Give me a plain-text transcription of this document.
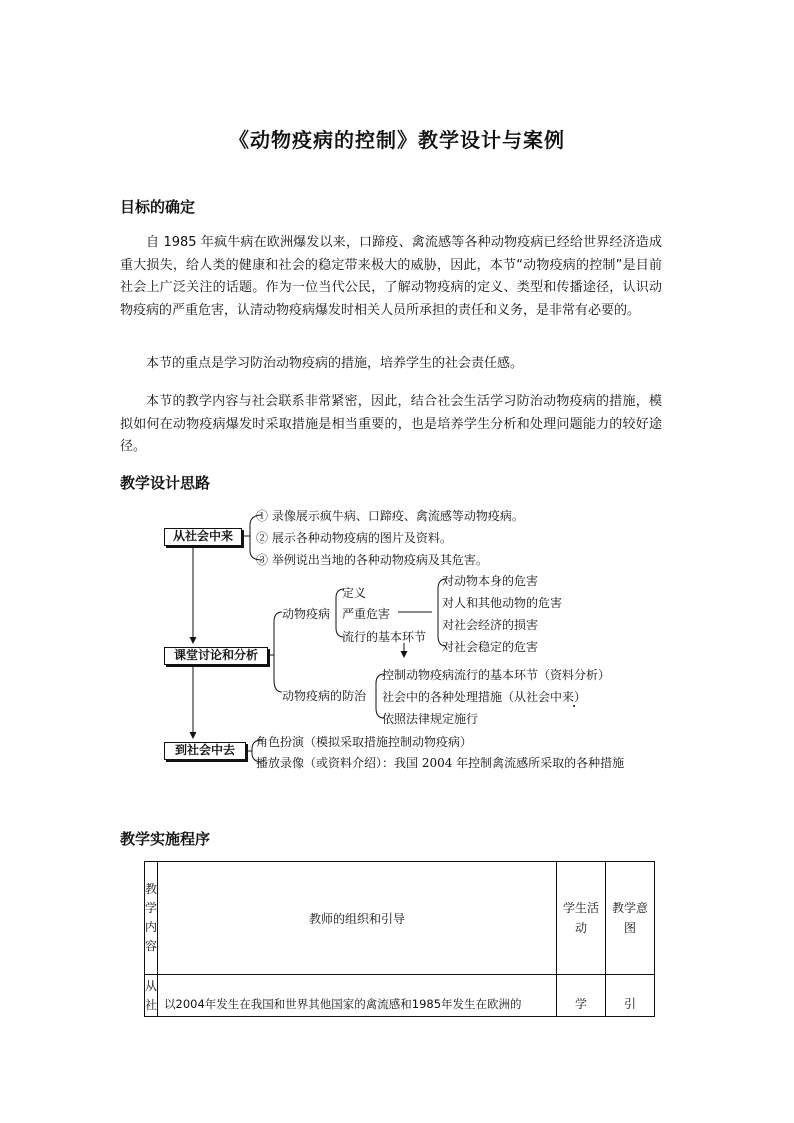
《动物疫病的控制》教学设计与案例
目标的确定
自 1985 年疯牛病在欧洲爆发以来，口蹄疫、禽流感等各种动物疫病已经给世界经济造成重大损失，给人类的健康和社会的稳定带来极大的威胁，因此，本节“动物疫病的控制”是目前社会上广泛关注的话题。作为一位当代公民，了解动物疫病的定义、类型和传播途径，认识动物疫病的严重危害，认清动物疫病爆发时相关人员所承担的责任和义务，是非常有必要的。
本节的重点是学习防治动物疫病的措施，培养学生的社会责任感。
本节的教学内容与社会联系非常紧密，因此，结合社会生活学习防治动物疫病的措施，模拟如何在动物疫病爆发时采取措施是相当重要的，也是培养学生分析和处理问题能力的较好途径。
教学设计思路
从社会中来
课堂讨论和分析
到社会中去
① 录像展示疯牛病、口蹄疫、禽流感等动物疫病。
② 展示各种动物疫病的图片及资料。
③ 举例说出当地的各种动物疫病及其危害。
动物疫病
定义
严重危害
流行的基本环节
对动物本身的危害
对人和其他动物的危害
对社会经济的损害
对社会稳定的危害
动物疫病的防治
控制动物疫病流行的基本环节（资料分析）
社会中的各种处理措施（从社会中来）
依照法律规定施行
角色扮演（模拟采取措施控制动物疫病）
播放录像（或资料介绍）：我国 2004 年控制禽流感所采取的各种措施
教学实施程序
教学内容	教师的组织和引导	学生活动	教学意图
从社	以2004年发生在我国和世界其他国家的禽流感和1985年发生在欧洲的	学	引
